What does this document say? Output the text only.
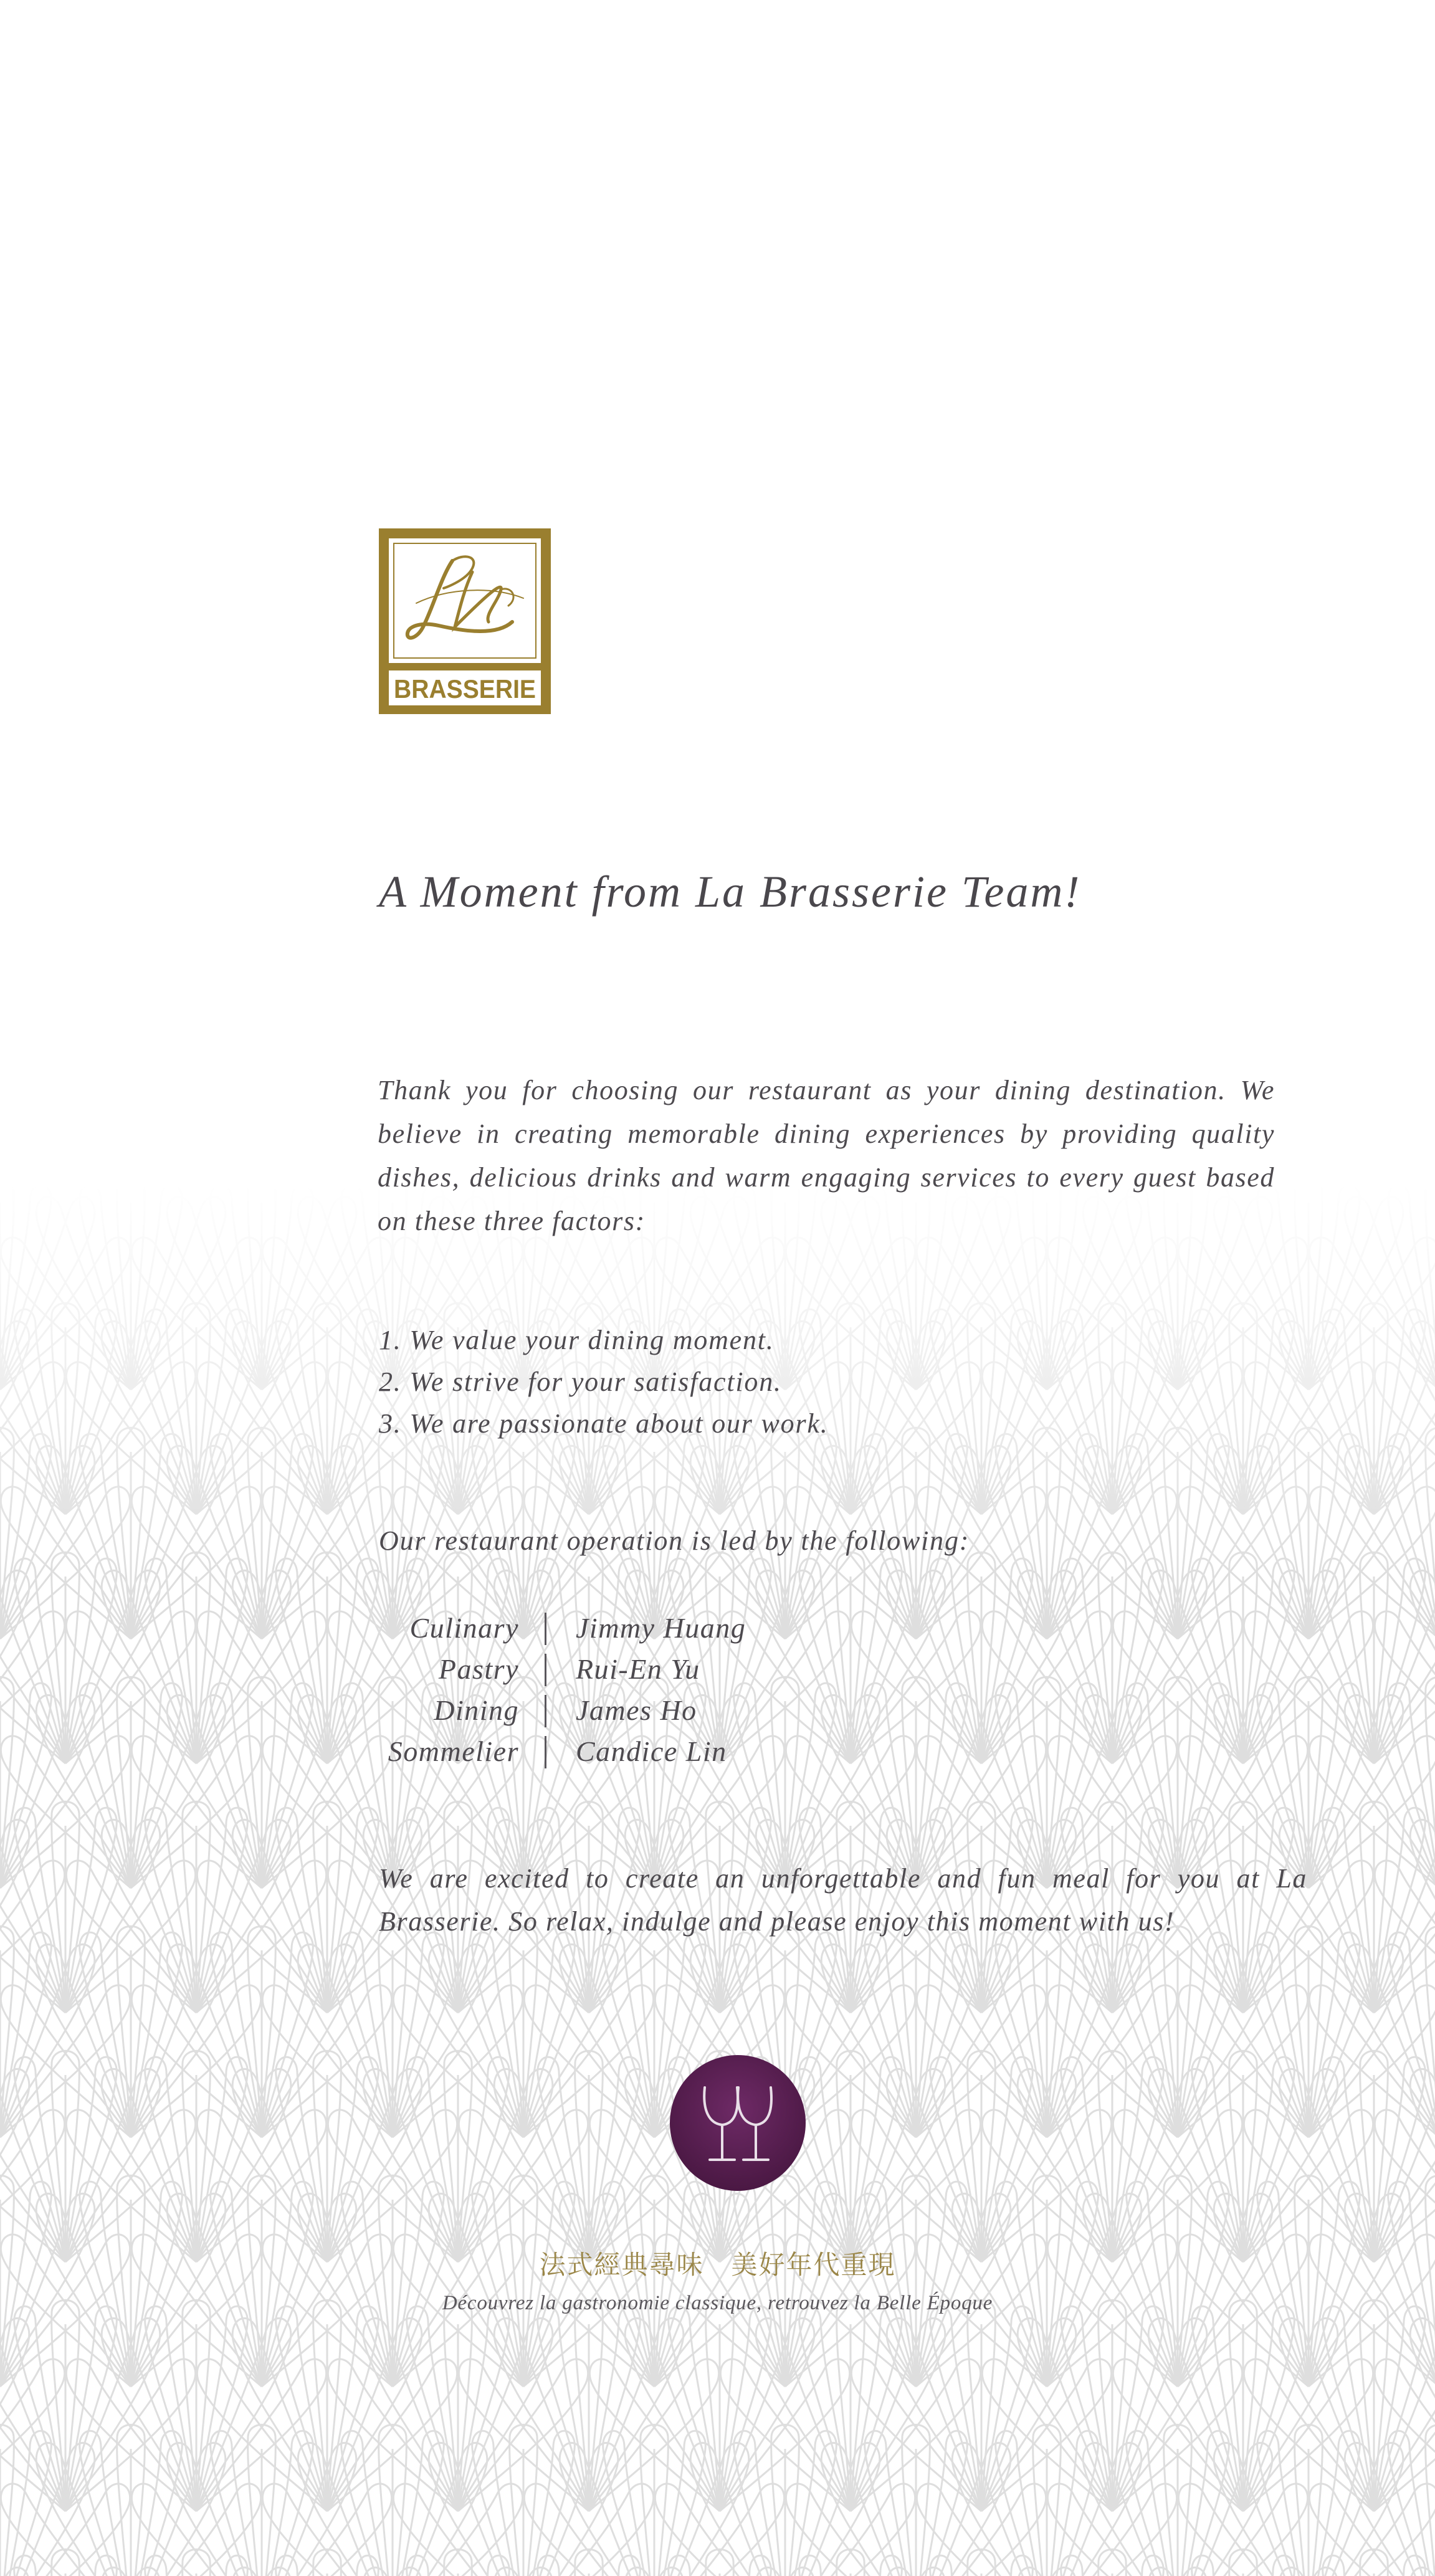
BRASSERIE
A Moment from La Brasserie Team!

Thank you for choosing our restaurant as your dining destination. We believe in creating memorable dining experiences by providing quality dishes, delicious drinks and warm engaging services to every guest based on these three factors:

1. We value your dining moment.
2. We strive for your satisfaction.
3. We are passionate about our work.

Our restaurant operation is led by the following:

Culinary Jimmy Huang
Pastry Rui-En Yu
Dining James Ho
Sommelier Candice Lin

We are excited to create an unforgettable and fun meal for you at La Brasserie. So relax, indulge and please enjoy this moment with us!

法式經典尋味　美好年代重現
Découvrez la gastronomie classique, retrouvez la Belle Époque
